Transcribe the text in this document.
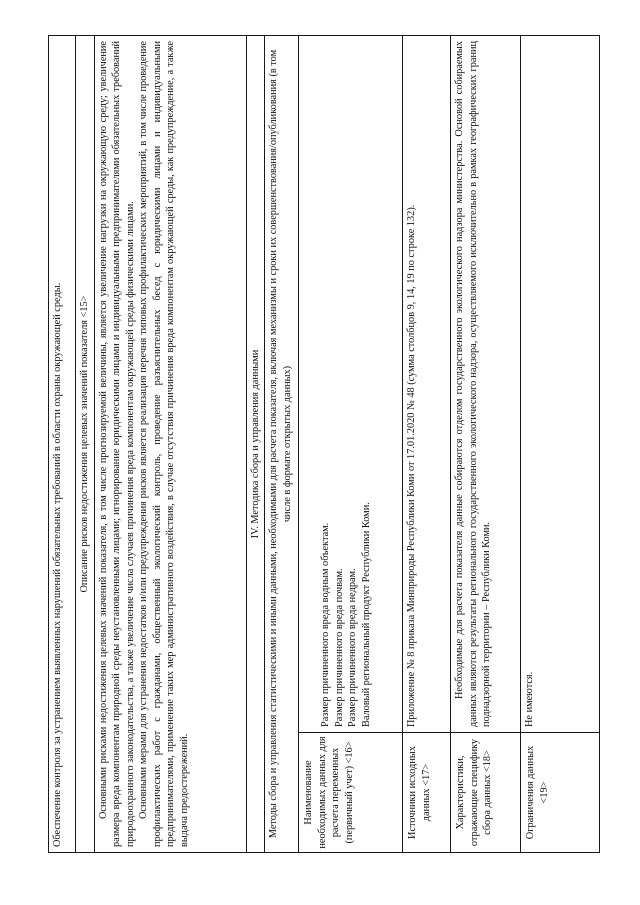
Обеспечение контроля за устранением выявленных нарушений обязательных требований в области охраны окружающей среды.	
Описание рисков недостижения целевых значений показателя <15>	

Основными рисками недостижения целевых значений показателя, в том числе прогнозируемой величины, является увеличение нагрузки на окружающую среду; увеличение размера вреда компонентам природной среды неустановленными лицами; игнорирование юридическими лицами и индивидуальными предпринимателями обязательных требований природоохранного законодательства, а также увеличение числа случаев причинения вреда компонентам окружающей среды физическими лицами. Основными мерами для устранения недостатков и/или предупреждения рисков является реализация перечня типовых профилактических мероприятий, в том числе проведение профилактических работ с гражданами, общественный экологический контроль, проведение разъяснительных бесед с юридическими лицами и индивидуальными предпринимателями, применение таких мер административного воздействия, в случае отсутствия причинения вреда компонентам окружающей среды, как предупреждение, а также выдача предостережений.	

IV. Методика сбора и управления данными	
Методы сбора и управления статистическими и иными данными, необходимыми для расчета показателя, включая механизмы и сроки их совершенствования/опубликования (в том числе в формате открытых данных)	
Наименование необходимых данных для расчета переменных (первичный учет) <16>	Размер причиненного вреда водным объектам. Размер причиненного вреда почвам. Размер причиненного вреда недрам. Валовый региональный продукт Республики Коми.

Источники исходных данных <17>	Приложение № 8 приказа Минприроды Республики Коми от 17.01.2020 № 48 (сумма столбцов 9, 14, 19 по строке 132).
Характеристики, отражающие специфику сбора данных <18>	Необходимые для расчета показателя данные собираются отделом государственного экологического надзора министерства. Основой собираемых данных являются результаты регионального государственного экологического надзора, осуществляемого исключительно в рамках географических границ поднадзорной территории – Республики Коми.

Ограничения данных <19>	Не имеются.
